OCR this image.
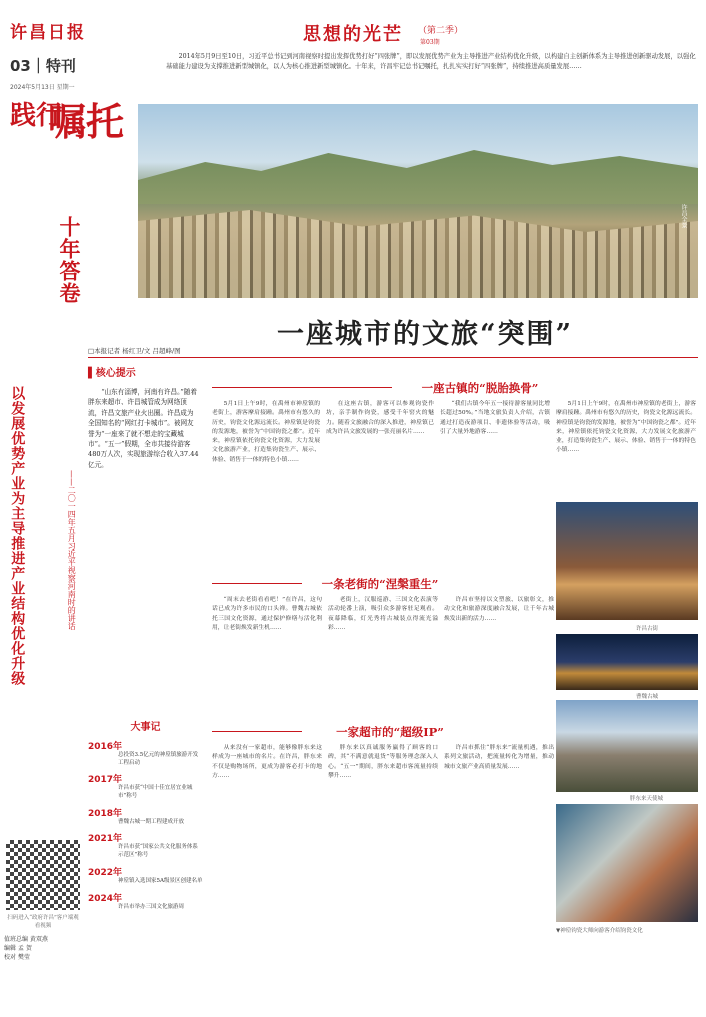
许昌日报
03｜特刊
2024年5月13日 星期一
思想的光芒 （第二季）
第03期
2014年5月9日至10日，习近平总书记到河南视察时提出发挥优势打好“四张牌”，即以发展优势产业为主导推进产业结构优化升级，以构建自主创新体系为主导推进创新驱动发展，以强化基础能力建设为支撑推进新型城镇化，以人为核心推进新型城镇化。十年来，许昌牢记总书记嘱托，扎扎实实打好“四张牌”，持续推进高质量发展……
践行
嘱托
十年答卷	许昌全景
一座城市的文旅“突围”
□本报记者 杨红卫/文 吕超峰/图
以发展优势产业为主导推进产业结构优化升级	——二〇一四年五月习近平视察河南时的讲话
▌核心提示
“山东有淄博，河南有许昌。”随着胖东来超市、许昌城管成为网络顶流，许昌文旅产业火出圈。许昌成为全国知名的“网红打卡城市”。被网友誉为“一座来了就不想走的宝藏城市”。“五一”假期，全市共接待游客480万人次，实现旅游综合收入37.44亿元。
大事记
2016年
总投资3.5亿元的神垕镇旅游开发工程启动
2017年
许昌市获“中国十佳宜居宜业城市”称号
2018年
曹魏古城一期工程建成开放
2021年
许昌市获“国家公共文化服务体系示范区”称号
2022年
神垕镇入选国家5A级景区创建名单
2024年
许昌市举办三国文化旅游周
扫码进入“政府许昌”客户端观看视频
值班总编 黄双燕
编辑 孟 贺
校对 樊莹
一座古镇的“脱胎换骨”
5月1日上午9时，在禹州市神垕镇的老街上，游客摩肩接踵。禹州市有悠久的历史，钧瓷文化源远流长。神垕镇是钧瓷的发源地，被誉为“中国钧瓷之都”。近年来，神垕镇依托钧瓷文化资源，大力发展文化旅游产业，打造集钧瓷生产、展示、体验、销售于一体的特色小镇……
在这座古镇，游客可以参观钧瓷作坊，亲手制作钧瓷，感受千年窑火的魅力。随着文旅融合的深入推进，神垕镇已成为许昌文旅发展的一张亮丽名片……
“我们古镇今年五一接待游客量同比增长超过50%。”当地文旅负责人介绍，古镇通过打造夜游项目、非遗体验等活动，吸引了大量外地游客……
5月1日上午9时，在禹州市神垕镇的老街上，游客摩肩接踵。禹州市有悠久的历史，钧瓷文化源远流长。神垕镇是钧瓷的发源地，被誉为“中国钧瓷之都”。近年来，神垕镇依托钧瓷文化资源，大力发展文化旅游产业，打造集钧瓷生产、展示、体验、销售于一体的特色小镇……
一条老街的“涅槃重生”
“周末去老街看看吧！”在许昌，这句话已成为许多市民的口头禅。曹魏古城依托三国文化资源，通过保护修缮与活化利用，让老街焕发新生机……
老街上，汉服巡游、三国文化表演等活动轮番上演，吸引众多游客驻足观看。夜幕降临，灯光秀将古城装点得流光溢彩……
许昌市坚持以文塑旅、以旅彰文，推动文化和旅游深度融合发展，让千年古城焕发出新的活力……
许昌古街
曹魏古城
一家超市的“超级IP”
从来没有一家超市，能够像胖东来这样成为一座城市的名片。在许昌，胖东来不仅是购物场所，更成为游客必打卡的地方……
胖东来以真诚服务赢得了顾客的口碑，其“不满意就退货”等服务理念深入人心。“五一”期间，胖东来超市客流量持续攀升……
许昌市抓住“胖东来”流量机遇，推出系列文旅活动，把流量转化为增量，推动城市文旅产业高质量发展……
胖东来天使城
▼神垕钧瓷大师向游客介绍钧瓷文化
